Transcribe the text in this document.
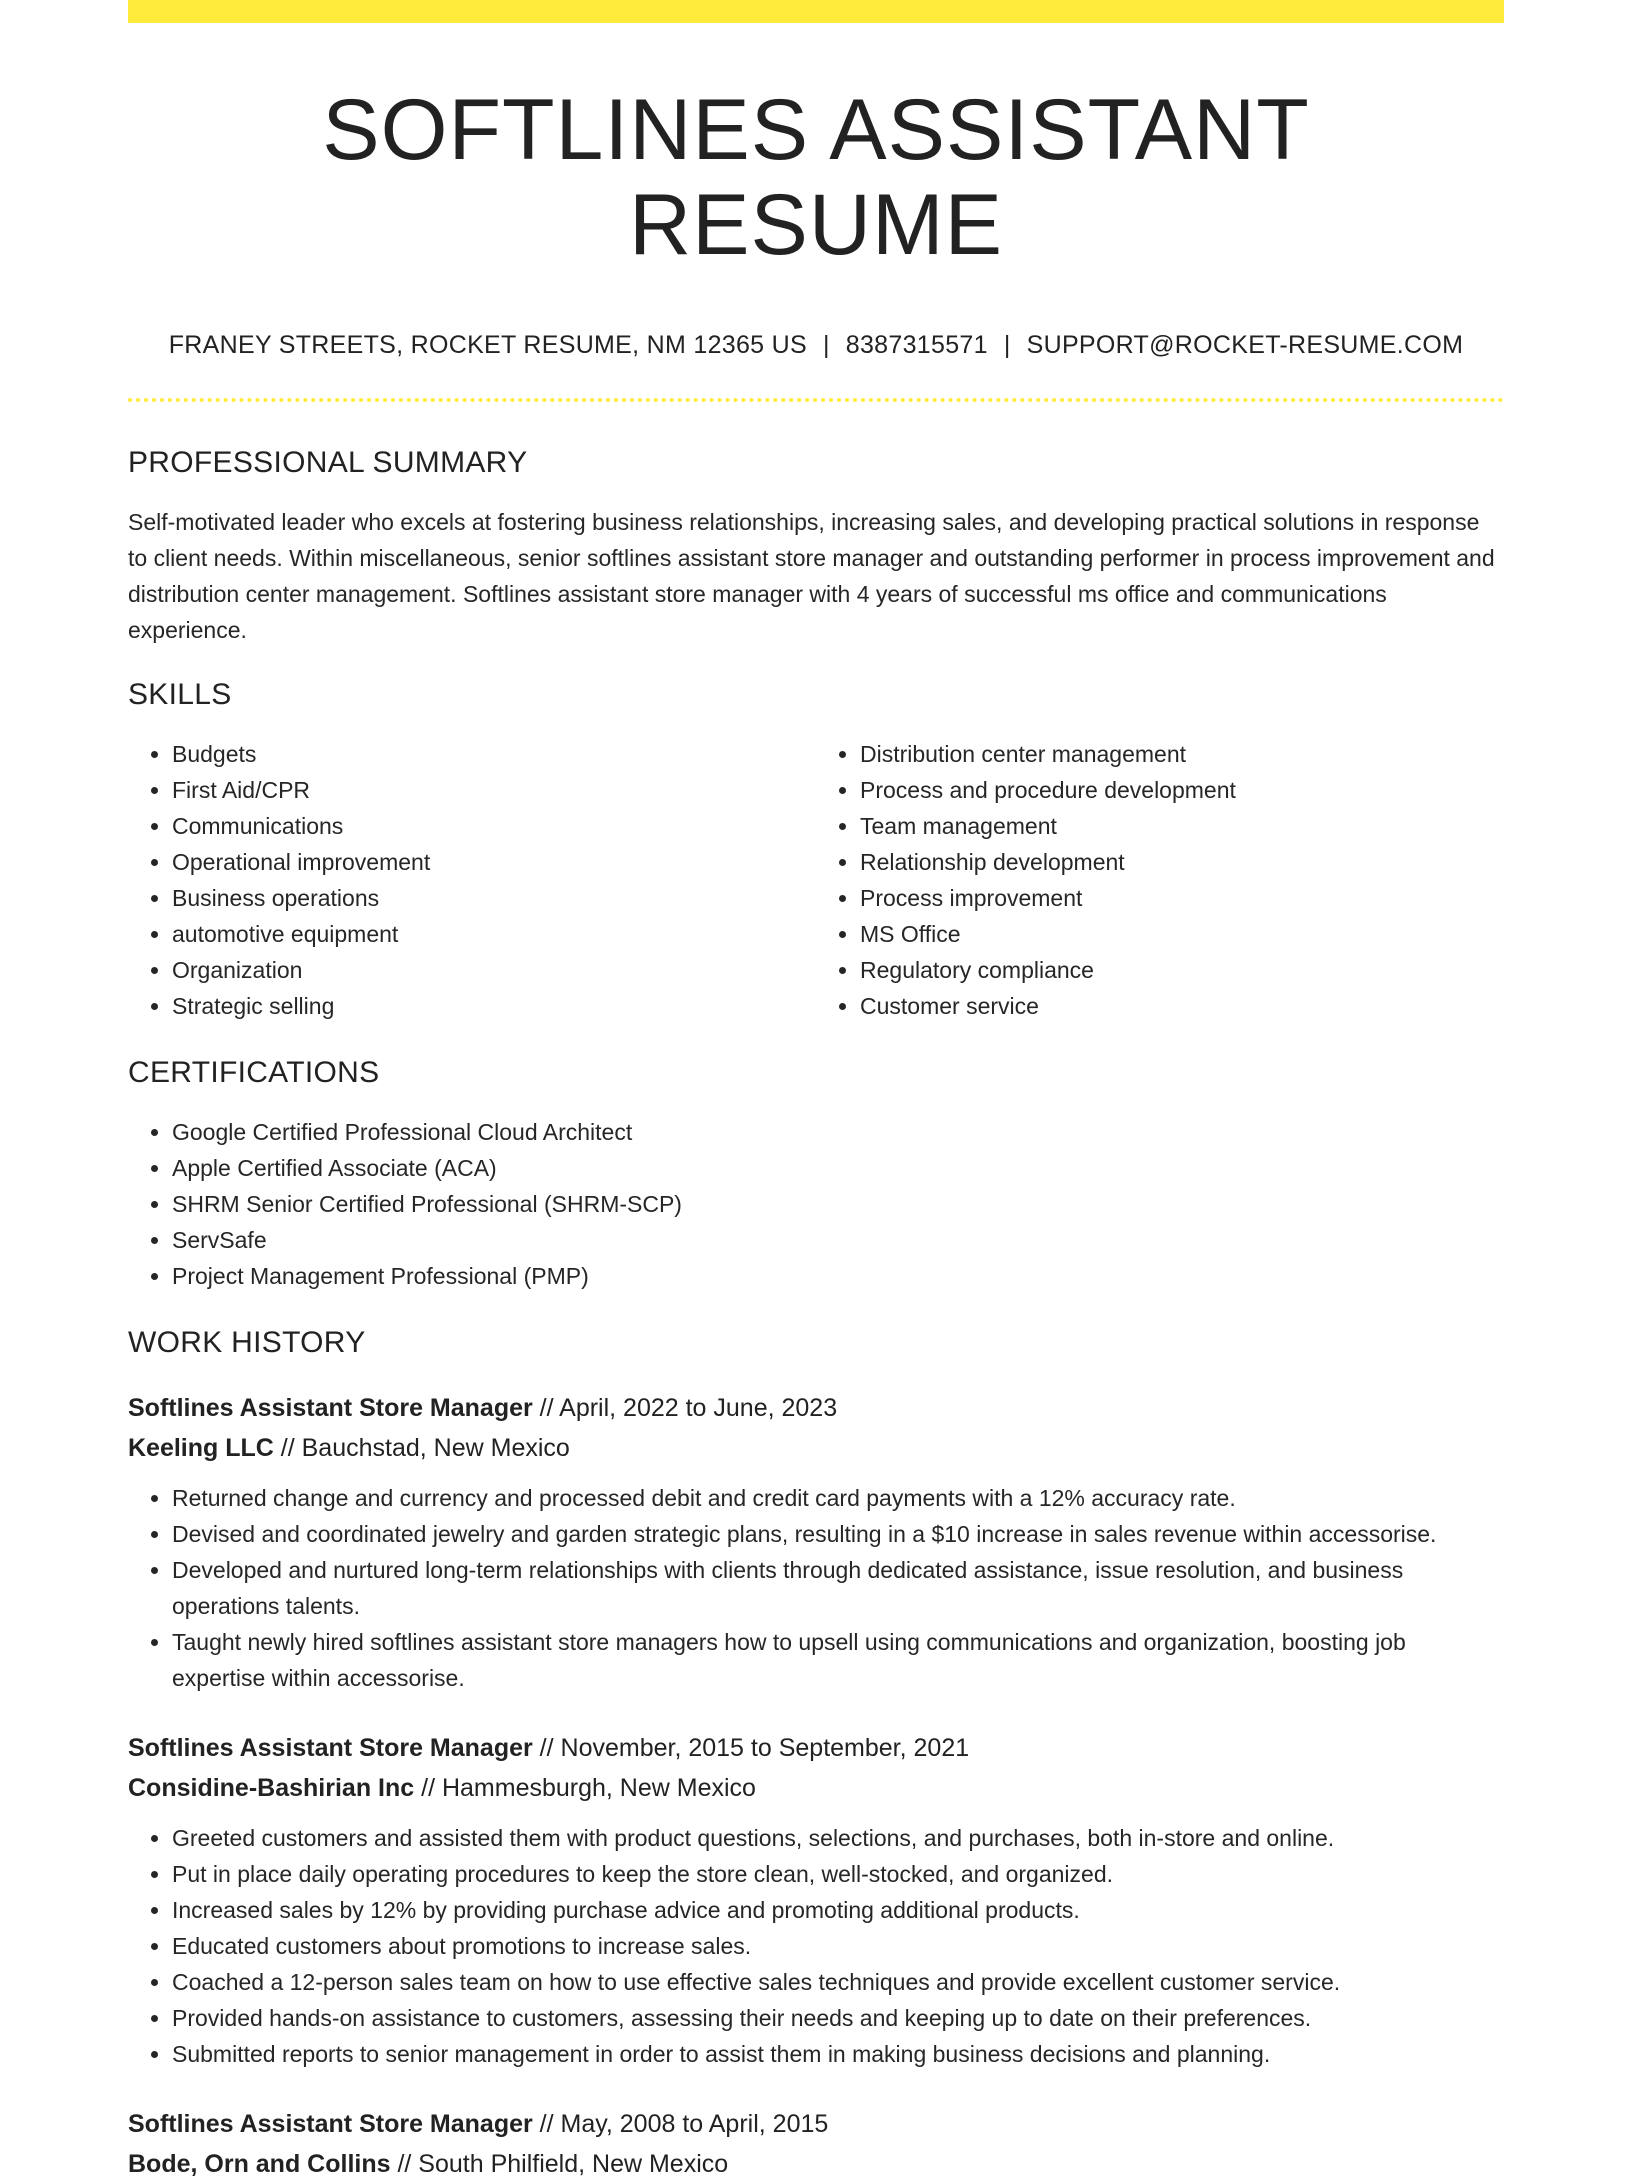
SOFTLINES ASSISTANT RESUME
FRANEY STREETS, ROCKET RESUME, NM 12365 US | 8387315571 | SUPPORT@ROCKET-RESUME.COM
PROFESSIONAL SUMMARY

Self-motivated leader who excels at fostering business relationships, increasing sales, and developing practical solutions in response to client needs. Within miscellaneous, senior softlines assistant store manager and outstanding performer in process improvement and distribution center management. Softlines assistant store manager with 4 years of successful ms office and communications experience.

SKILLS
• Budgets
• First Aid/CPR
• Communications
• Operational improvement
• Business operations
• automotive equipment
• Organization
• Strategic selling
• Distribution center management
• Process and procedure development
• Team management
• Relationship development
• Process improvement
• MS Office
• Regulatory compliance
• Customer service
CERTIFICATIONS
• Google Certified Professional Cloud Architect
• Apple Certified Associate (ACA)
• SHRM Senior Certified Professional (SHRM-SCP)
• ServSafe
• Project Management Professional (PMP)
WORK HISTORY
Softlines Assistant Store Manager // April, 2022 to June, 2023
Keeling LLC // Bauchstad, New Mexico
• Returned change and currency and processed debit and credit card payments with a 12% accuracy rate.
• Devised and coordinated jewelry and garden strategic plans, resulting in a $10 increase in sales revenue within accessorise.
• Developed and nurtured long-term relationships with clients through dedicated assistance, issue resolution, and business operations talents.
• Taught newly hired softlines assistant store managers how to upsell using communications and organization, boosting job expertise within accessorise.
Softlines Assistant Store Manager // November, 2015 to September, 2021
Considine-Bashirian Inc // Hammesburgh, New Mexico
• Greeted customers and assisted them with product questions, selections, and purchases, both in-store and online.
• Put in place daily operating procedures to keep the store clean, well-stocked, and organized.
• Increased sales by 12% by providing purchase advice and promoting additional products.
• Educated customers about promotions to increase sales.
• Coached a 12-person sales team on how to use effective sales techniques and provide excellent customer service.
• Provided hands-on assistance to customers, assessing their needs and keeping up to date on their preferences.
• Submitted reports to senior management in order to assist them in making business decisions and planning.
Softlines Assistant Store Manager // May, 2008 to April, 2015
Bode, Orn and Collins // South Philfield, New Mexico
